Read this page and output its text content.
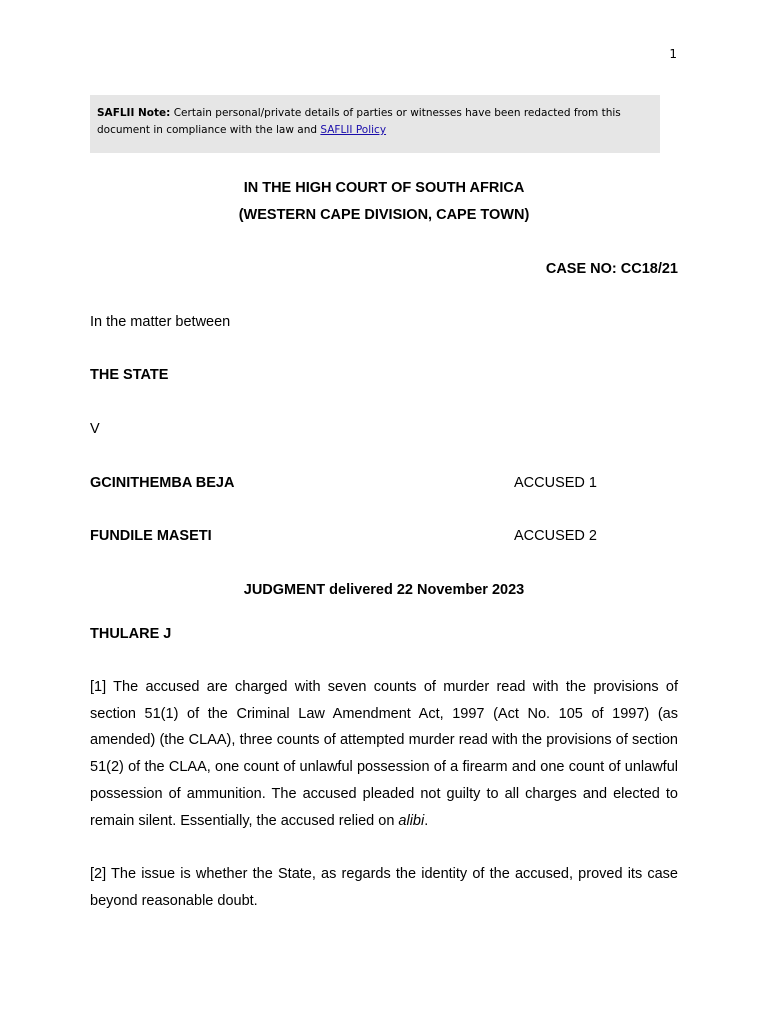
1
SAFLII Note: Certain personal/private details of parties or witnesses have been redacted from this document in compliance with the law and SAFLII Policy
IN THE HIGH COURT OF SOUTH AFRICA
(WESTERN CAPE DIVISION, CAPE TOWN)
CASE NO: CC18/21
In the matter between
THE STATE
V
GCINITHEMBA BEJA	ACCUSED 1
FUNDILE MASETI	ACCUSED 2
JUDGMENT delivered 22 November 2023
THULARE J
[1] The accused are charged with seven counts of murder read with the provisions of section 51(1) of the Criminal Law Amendment Act, 1997 (Act No. 105 of 1997) (as amended) (the CLAA), three counts of attempted murder read with the provisions of section 51(2) of the CLAA, one count of unlawful possession of a firearm and one count of unlawful possession of ammunition. The accused pleaded not guilty to all charges and elected to remain silent. Essentially, the accused relied on alibi.
[2] The issue is whether the State, as regards the identity of the accused, proved its case beyond reasonable doubt.
